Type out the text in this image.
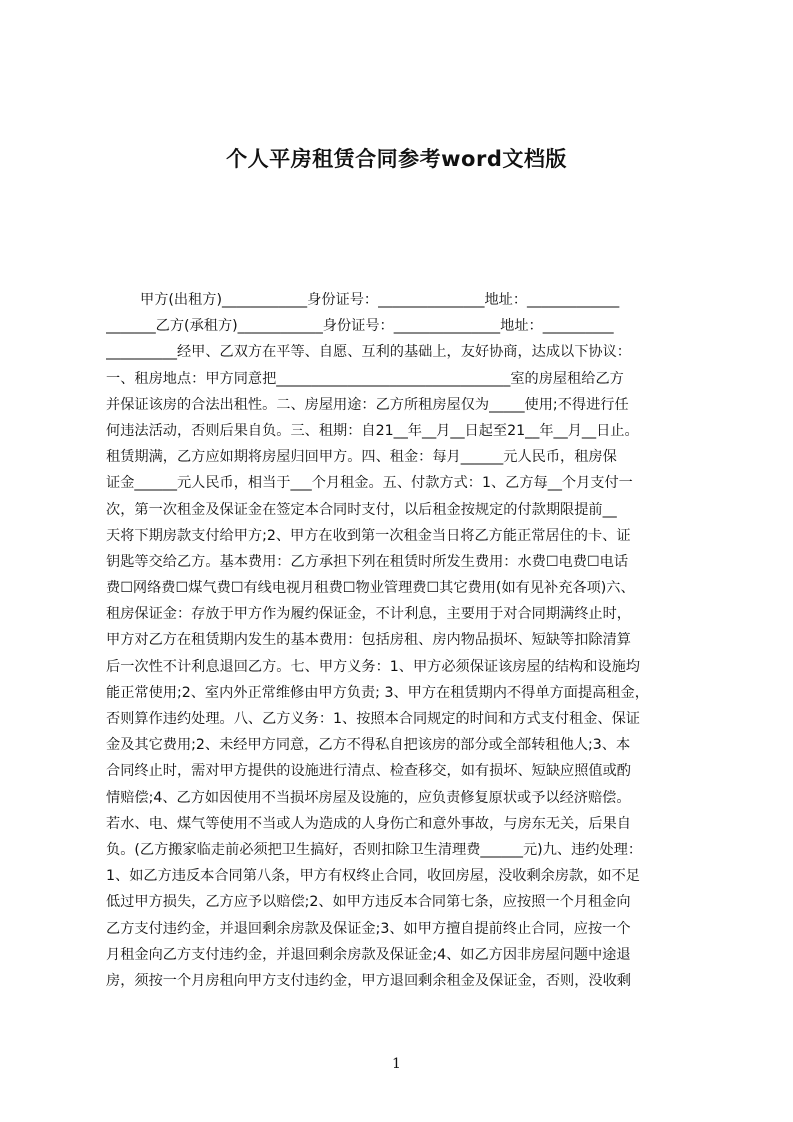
个人平房租赁合同参考word文档版
甲方(出租方)____________身份证号：_______________地址：_____________
_______乙方(承租方)____________身份证号：_______________地址：__________
__________经甲、乙双方在平等、自愿、互利的基础上，友好协商，达成以下协议：
一、租房地点：甲方同意把_________________________________室的房屋租给乙方
并保证该房的合法出租性。二、房屋用途：乙方所租房屋仅为_____使用;不得进行任
何违法活动，否则后果自负。三、租期：自21__年__月__日起至21__年__月__日止。
租赁期满，乙方应如期将房屋归回甲方。四、租金：每月______元人民币，租房保
证金______元人民币，相当于___个月租金。五、付款方式：1、乙方每__个月支付一
次，第一次租金及保证金在签定本合同时支付，以后租金按规定的付款期限提前__
天将下期房款支付给甲方;2、甲方在收到第一次租金当日将乙方能正常居住的卡、证
钥匙等交给乙方。基本费用：乙方承担下列在租赁时所发生费用：水费☐电费☐电话
费☐网络费☐煤气费☐有线电视月租费☐物业管理费☐其它费用(如有见补充各项)六、
租房保证金：存放于甲方作为履约保证金，不计利息，主要用于对合同期满终止时，
甲方对乙方在租赁期内发生的基本费用：包括房租、房内物品损坏、短缺等扣除清算
后一次性不计利息退回乙方。七、甲方义务：1、甲方必须保证该房屋的结构和设施均
能正常使用;2、室内外正常维修由甲方负责; 3、甲方在租赁期内不得单方面提高租金，
否则算作违约处理。八、乙方义务：1、按照本合同规定的时间和方式支付租金、保证
金及其它费用;2、未经甲方同意，乙方不得私自把该房的部分或全部转租他人;3、本
合同终止时，需对甲方提供的设施进行清点、检查移交，如有损坏、短缺应照值或酌
情赔偿;4、乙方如因使用不当损坏房屋及设施的，应负责修复原状或予以经济赔偿。
若水、电、煤气等使用不当或人为造成的人身伤亡和意外事故，与房东无关，后果自
负。(乙方搬家临走前必须把卫生搞好，否则扣除卫生清理费______元)九、违约处理：
1、如乙方违反本合同第八条，甲方有权终止合同，收回房屋，没收剩余房款，如不足
低过甲方损失，乙方应予以赔偿;2、如甲方违反本合同第七条，应按照一个月租金向
乙方支付违约金，并退回剩余房款及保证金;3、如甲方擅自提前终止合同，应按一个
月租金向乙方支付违约金，并退回剩余房款及保证金;4、如乙方因非房屋问题中途退
房，须按一个月房租向甲方支付违约金，甲方退回剩余租金及保证金，否则，没收剩
1
